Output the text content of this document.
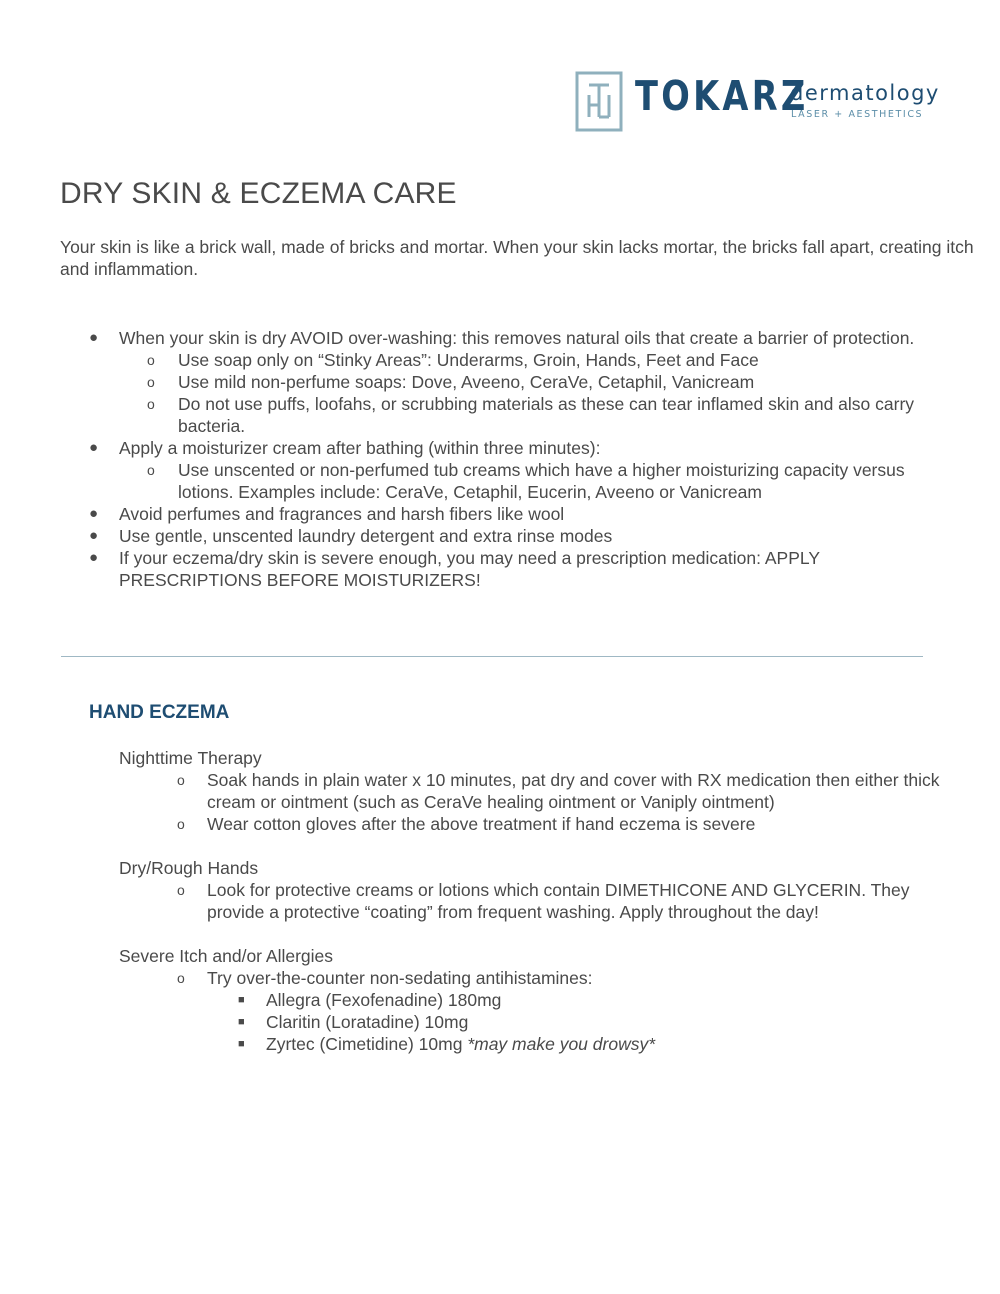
TOKARZ
dermatology
LASER + AESTHETICS
DRY SKIN & ECZEMA CARE

Your skin is like a brick wall, made of bricks and mortar. When your skin lacks mortar, the bricks fall apart, creating itch and inflammation.

● When your skin is dry AVOID over-washing: this removes natural oils that create a barrier of protection.
o Use soap only on “Stinky Areas”: Underarms, Groin, Hands, Feet and Face
o Use mild non-perfume soaps: Dove, Aveeno, CeraVe, Cetaphil, Vanicream
o Do not use puffs, loofahs, or scrubbing materials as these can tear inflamed skin and also carry bacteria.
● Apply a moisturizer cream after bathing (within three minutes):
o Use unscented or non-perfumed tub creams which have a higher moisturizing capacity versus lotions. Examples include: CeraVe, Cetaphil, Eucerin, Aveeno or Vanicream
● Avoid perfumes and fragrances and harsh fibers like wool
● Use gentle, unscented laundry detergent and extra rinse modes
● If your eczema/dry skin is severe enough, you may need a prescription medication: APPLY PRESCRIPTIONS BEFORE MOISTURIZERS!
HAND ECZEMA
Nighttime Therapy
o Soak hands in plain water x 10 minutes, pat dry and cover with RX medication then either thick cream or ointment (such as CeraVe healing ointment or Vaniply ointment)
o Wear cotton gloves after the above treatment if hand eczema is severe
Dry/Rough Hands
o Look for protective creams or lotions which contain DIMETHICONE AND GLYCERIN. They provide a protective “coating” from frequent washing. Apply throughout the day!
Severe Itch and/or Allergies
o Try over-the-counter non-sedating antihistamines:
■ Allegra (Fexofenadine) 180mg
■ Claritin (Loratadine) 10mg
■ Zyrtec (Cimetidine) 10mg *may make you drowsy*
